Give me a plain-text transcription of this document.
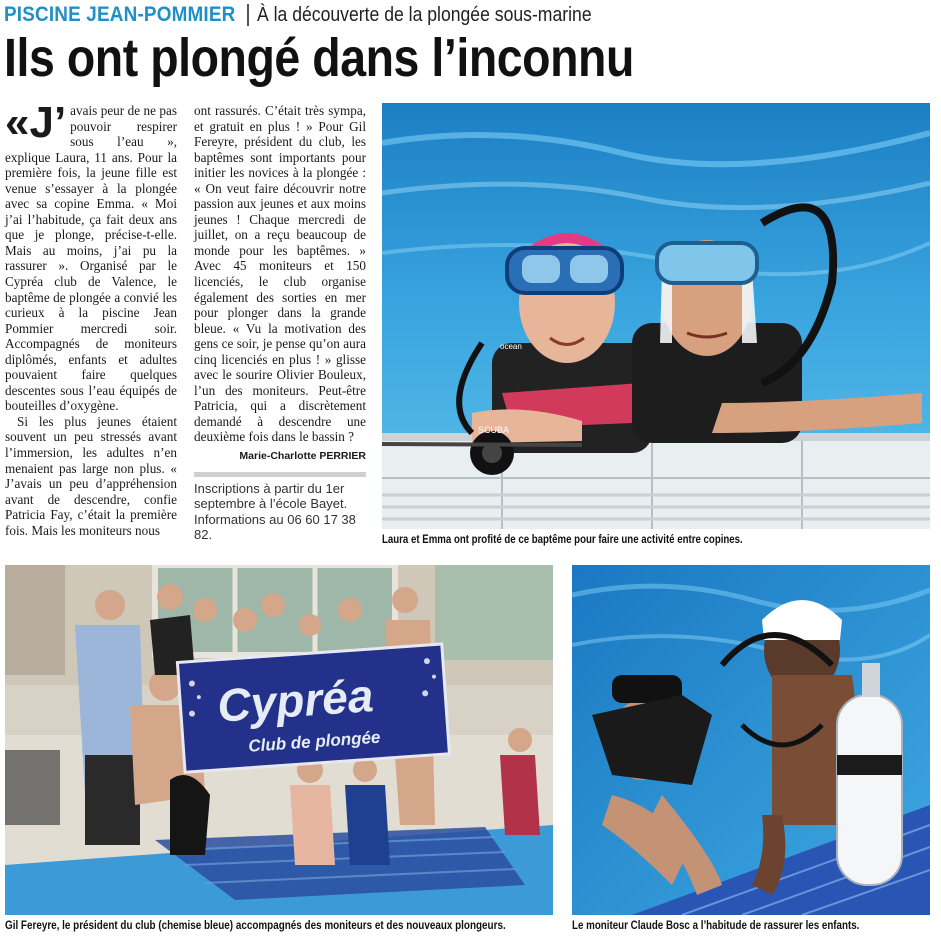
PISCINE JEAN-POMMIER À la découverte de la plongée sous-marine
Ils ont plongé dans l’inconnu

«J’ avais peur de ne pas pouvoir respirer sous l’eau », explique Laura, 11 ans. Pour la première fois, la jeune fille est venue s’essayer à la plongée avec sa copine Emma. « Moi j’ai l’habitude, ça fait deux ans que je plonge, précise-t-elle. Mais au moins, j’ai pu la rassurer ». Organisé par le Cypréa club de Valence, le baptême de plongée a convié les curieux à la piscine Jean Pommier mercredi soir. Accompagnés de moniteurs diplômés, enfants et adultes pouvaient faire quelques descentes sous l’eau équipés de bouteilles d’oxygène.

Si les plus jeunes étaient souvent un peu stressés avant l’immersion, les adultes n’en menaient pas large non plus. « J’avais un peu d’appréhension avant de descendre, confie Patricia Fay, c’était la première fois. Mais les moniteurs nous

ont rassurés. C’était très sympa, et gratuit en plus ! » Pour Gil Fereyre, président du club, les baptêmes sont importants pour initier les novices à la plongée : « On veut faire découvrir notre passion aux jeunes et aux moins jeunes ! Chaque mercredi de juillet, on a reçu beaucoup de monde pour les baptêmes. » Avec 45 moniteurs et 150 licenciés, le club organise également des sorties en mer pour plonger dans la grande bleue. « Vu la motivation des gens ce soir, je pense qu’on aura cinq licenciés en plus ! » glisse avec le sourire Olivier Bouleux, l’un des moniteurs. Peut-être Patricia, qui a discrètement demandé à descendre une deuxième fois dans le bassin ?

Marie-Charlotte PERRIER
Inscriptions à partir du 1er septembre à l’école Bayet. Informations au 06 60 17 38 82.
SCUBA
ocean
Laura et Emma ont profité de ce baptême pour faire une activité entre copines.
Cypréa
Club de plongée
Gil Fereyre, le président du club (chemise bleue) accompagnés des moniteurs et des nouveaux plongeurs.	Le moniteur Claude Bosc a l’habitude de rassurer les enfants.
